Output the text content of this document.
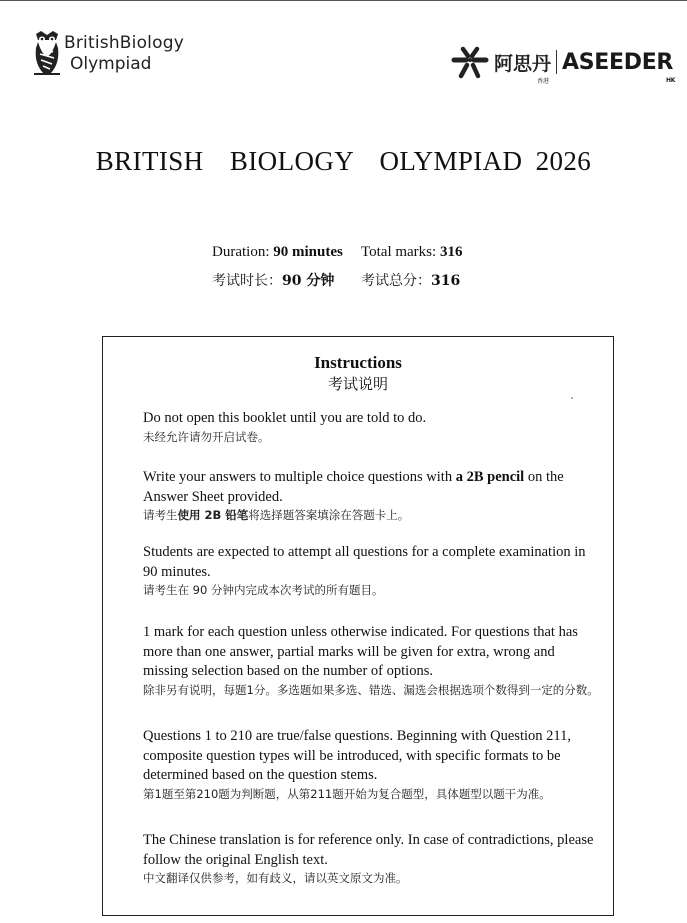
BritishBiology
Olympiad	阿思丹
香港
ASEEDER
HK
BRITISH  BIOLOGY  OLYMPIAD 2026
Duration: 90 minutes Total marks: 316
考试时长：90 分钟 考试总分：316
Instructions
考试说明
Do not open this booklet until you are told to do.
未经允许请勿开启试卷。
Write your answers to multiple choice questions with a 2B pencil on the Answer Sheet provided.
请考生使用 2B 铅笔将选择题答案填涂在答题卡上。
Students are expected to attempt all questions for a complete examination in 90 minutes.
请考生在 90 分钟内完成本次考试的所有题目。
1 mark for each question unless otherwise indicated. For questions that has more than one answer, partial marks will be given for extra, wrong and missing selection based on the number of options.
除非另有说明，每题1分。多选题如果多选、错选、漏选会根据选项个数得到一定的分数。
Questions 1 to 210 are true/false questions. Beginning with Question 211, composite question types will be introduced, with specific formats to be determined based on the question stems.
第1题至第210题为判断题，从第211题开始为复合题型，具体题型以题干为准。
The Chinese translation is for reference only. In case of contradictions, please follow the original English text.
中文翻译仅供参考，如有歧义，请以英文原文为准。
